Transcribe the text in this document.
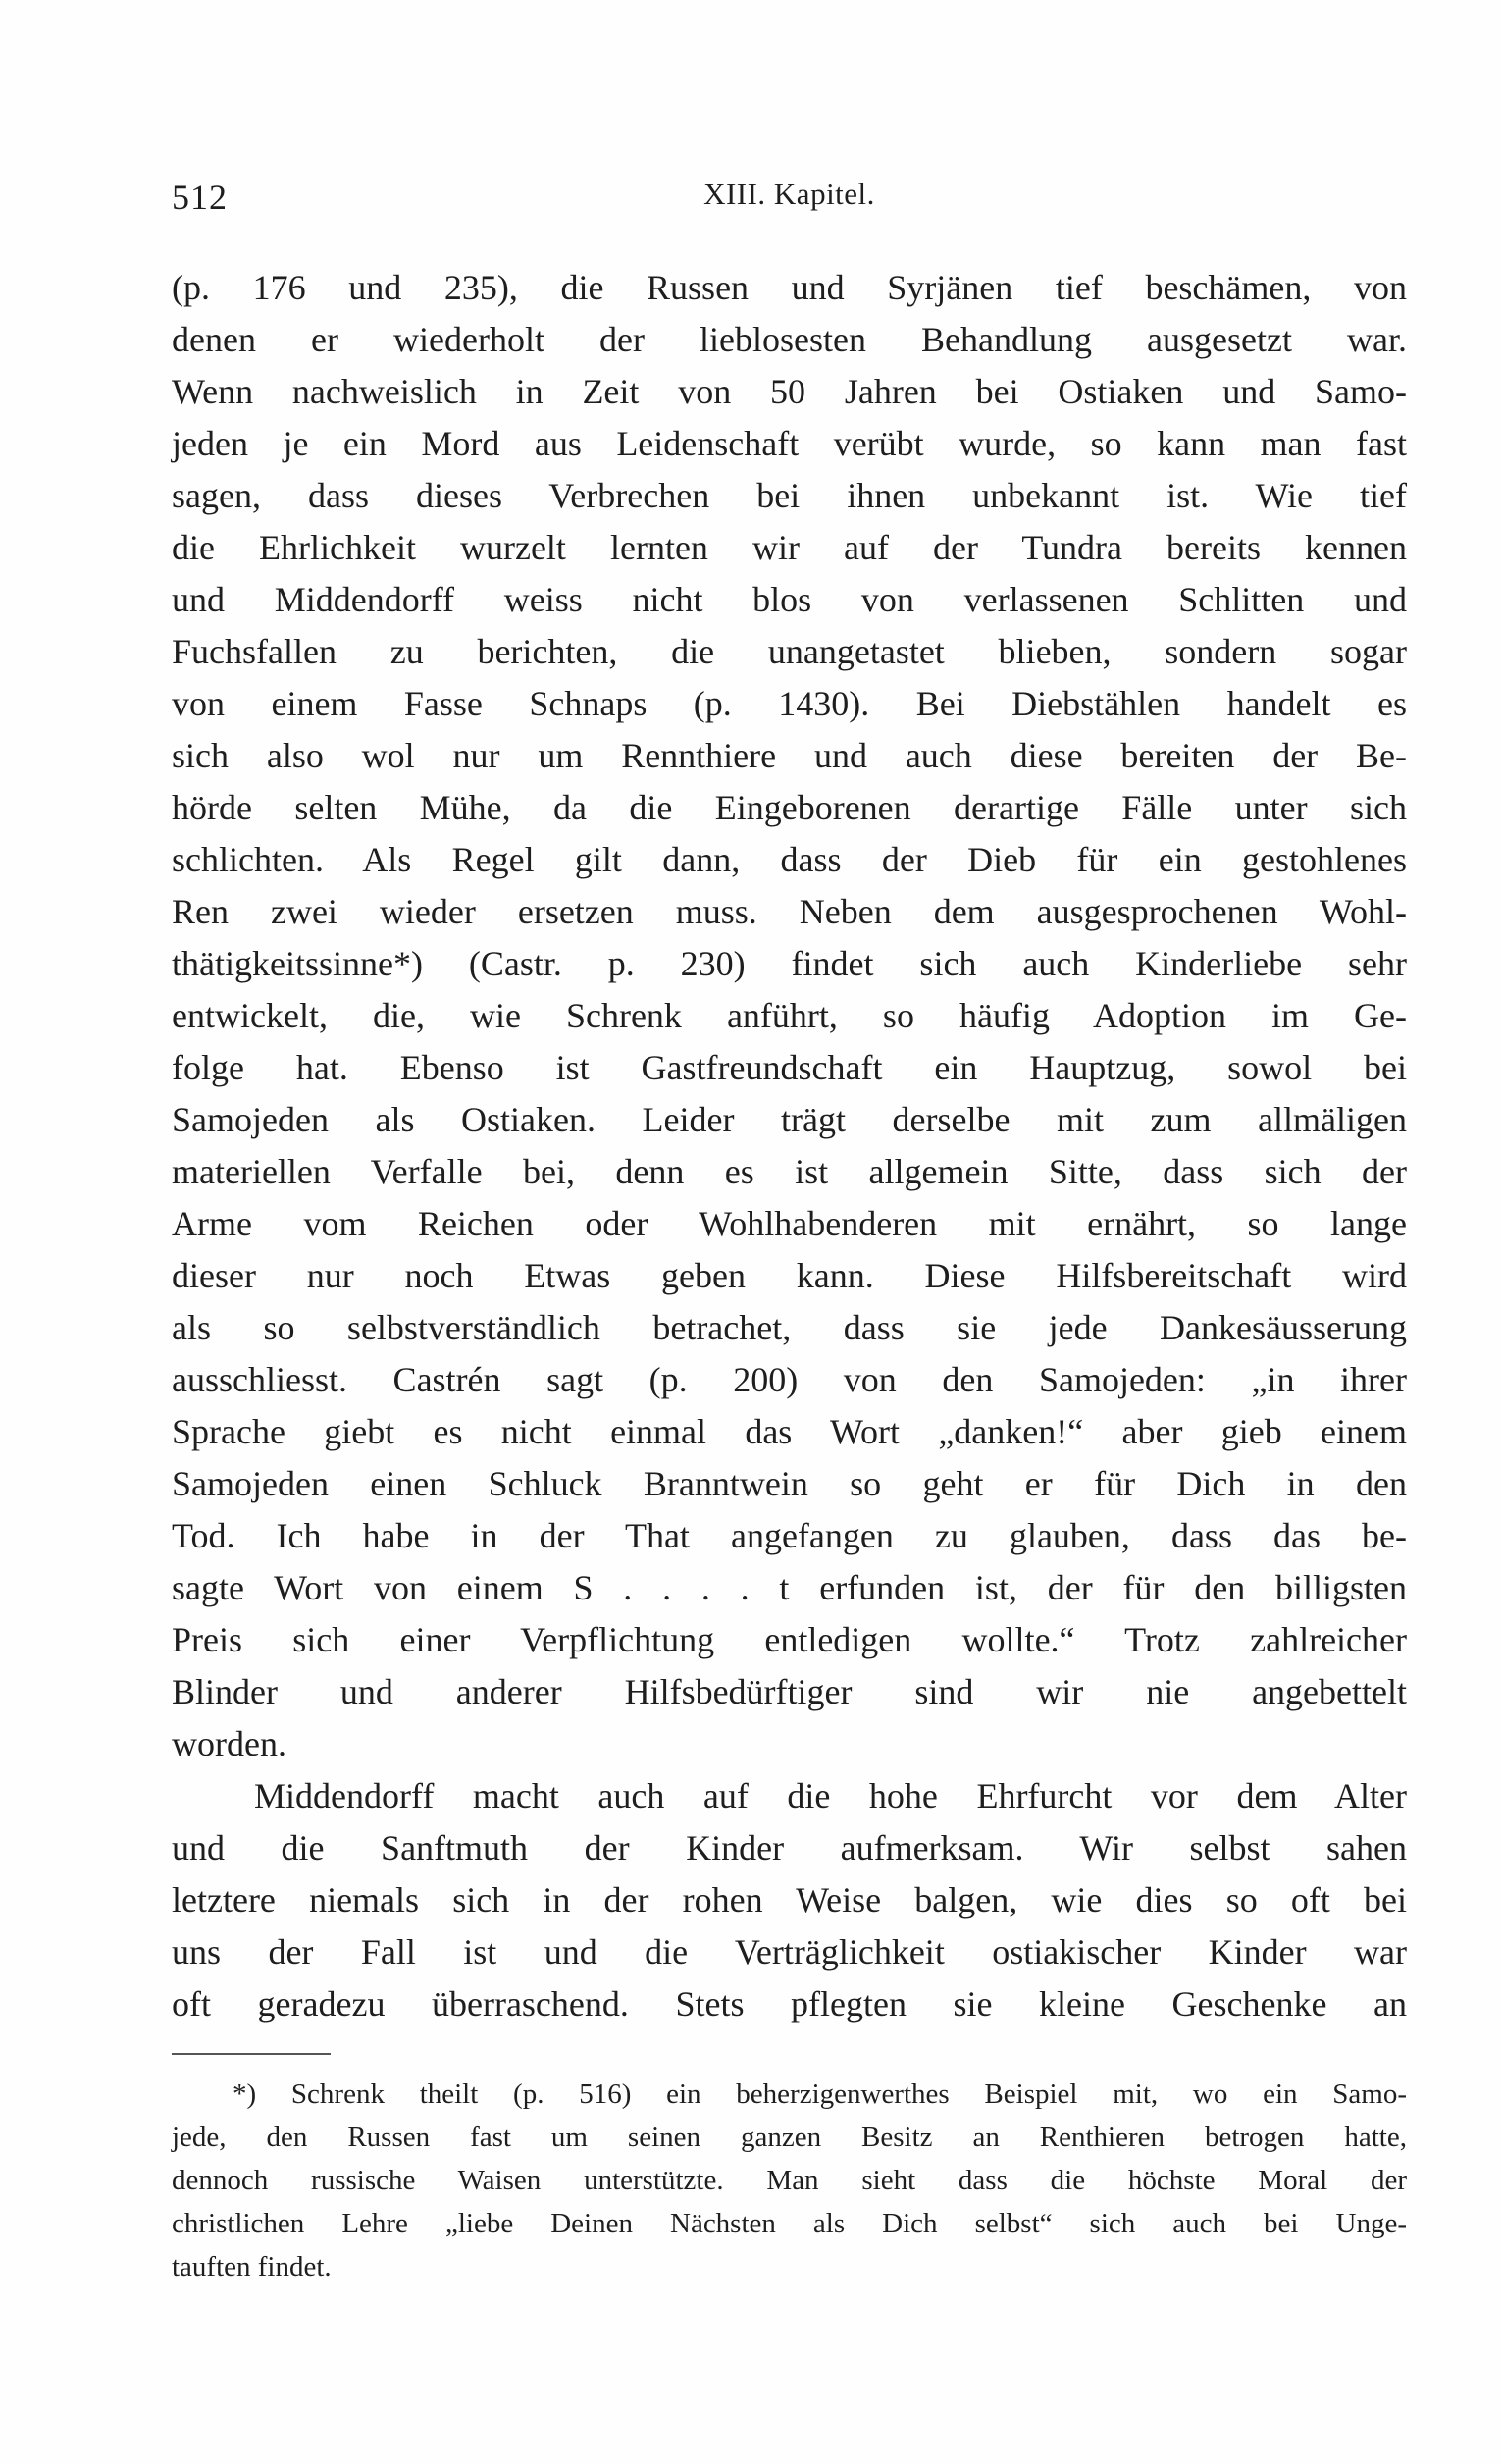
512	XIII. Kapitel.
(p. 176 und 235), die Russen und Syrjänen tief beschämen, von
denen er wiederholt der lieblosesten Behandlung ausgesetzt war.
Wenn nachweislich in Zeit von 50 Jahren bei Ostiaken und Samo-
jeden je ein Mord aus Leidenschaft verübt wurde, so kann man fast
sagen, dass dieses Verbrechen bei ihnen unbekannt ist. Wie tief
die Ehrlichkeit wurzelt lernten wir auf der Tundra bereits kennen
und Middendorff weiss nicht blos von verlassenen Schlitten und
Fuchsfallen zu berichten, die unangetastet blieben, sondern sogar
von einem Fasse Schnaps (p. 1430). Bei Diebstählen handelt es
sich also wol nur um Rennthiere und auch diese bereiten der Be-
hörde selten Mühe, da die Eingeborenen derartige Fälle unter sich
schlichten. Als Regel gilt dann, dass der Dieb für ein gestohlenes
Ren zwei wieder ersetzen muss. Neben dem ausgesprochenen Wohl-
thätigkeitssinne*) (Castr. p. 230) findet sich auch Kinderliebe sehr
entwickelt, die, wie Schrenk anführt, so häufig Adoption im Ge-
folge hat. Ebenso ist Gastfreundschaft ein Hauptzug, sowol bei
Samojeden als Ostiaken. Leider trägt derselbe mit zum allmäligen
materiellen Verfalle bei, denn es ist allgemein Sitte, dass sich der
Arme vom Reichen oder Wohlhabenderen mit ernährt, so lange
dieser nur noch Etwas geben kann. Diese Hilfsbereitschaft wird
als so selbstverständlich betrachet, dass sie jede Dankesäusserung
ausschliesst. Castrén sagt (p. 200) von den Samojeden: „in ihrer
Sprache giebt es nicht einmal das Wort „danken!“ aber gieb einem
Samojeden einen Schluck Branntwein so geht er für Dich in den
Tod. Ich habe in der That angefangen zu glauben, dass das be-
sagte Wort von einem S . . . . t erfunden ist, der für den billigsten
Preis sich einer Verpflichtung entledigen wollte.“ Trotz zahlreicher
Blinder und anderer Hilfsbedürftiger sind wir nie angebettelt
worden.
Middendorff macht auch auf die hohe Ehrfurcht vor dem Alter
und die Sanftmuth der Kinder aufmerksam. Wir selbst sahen
letztere niemals sich in der rohen Weise balgen, wie dies so oft bei
uns der Fall ist und die Verträglichkeit ostiakischer Kinder war
oft geradezu überraschend. Stets pflegten sie kleine Geschenke an
*) Schrenk theilt (p. 516) ein beherzigenwerthes Beispiel mit, wo ein Samo-
jede, den Russen fast um seinen ganzen Besitz an Renthieren betrogen hatte,
dennoch russische Waisen unterstützte. Man sieht dass die höchste Moral der
christlichen Lehre „liebe Deinen Nächsten als Dich selbst“ sich auch bei Unge-
tauften findet.
